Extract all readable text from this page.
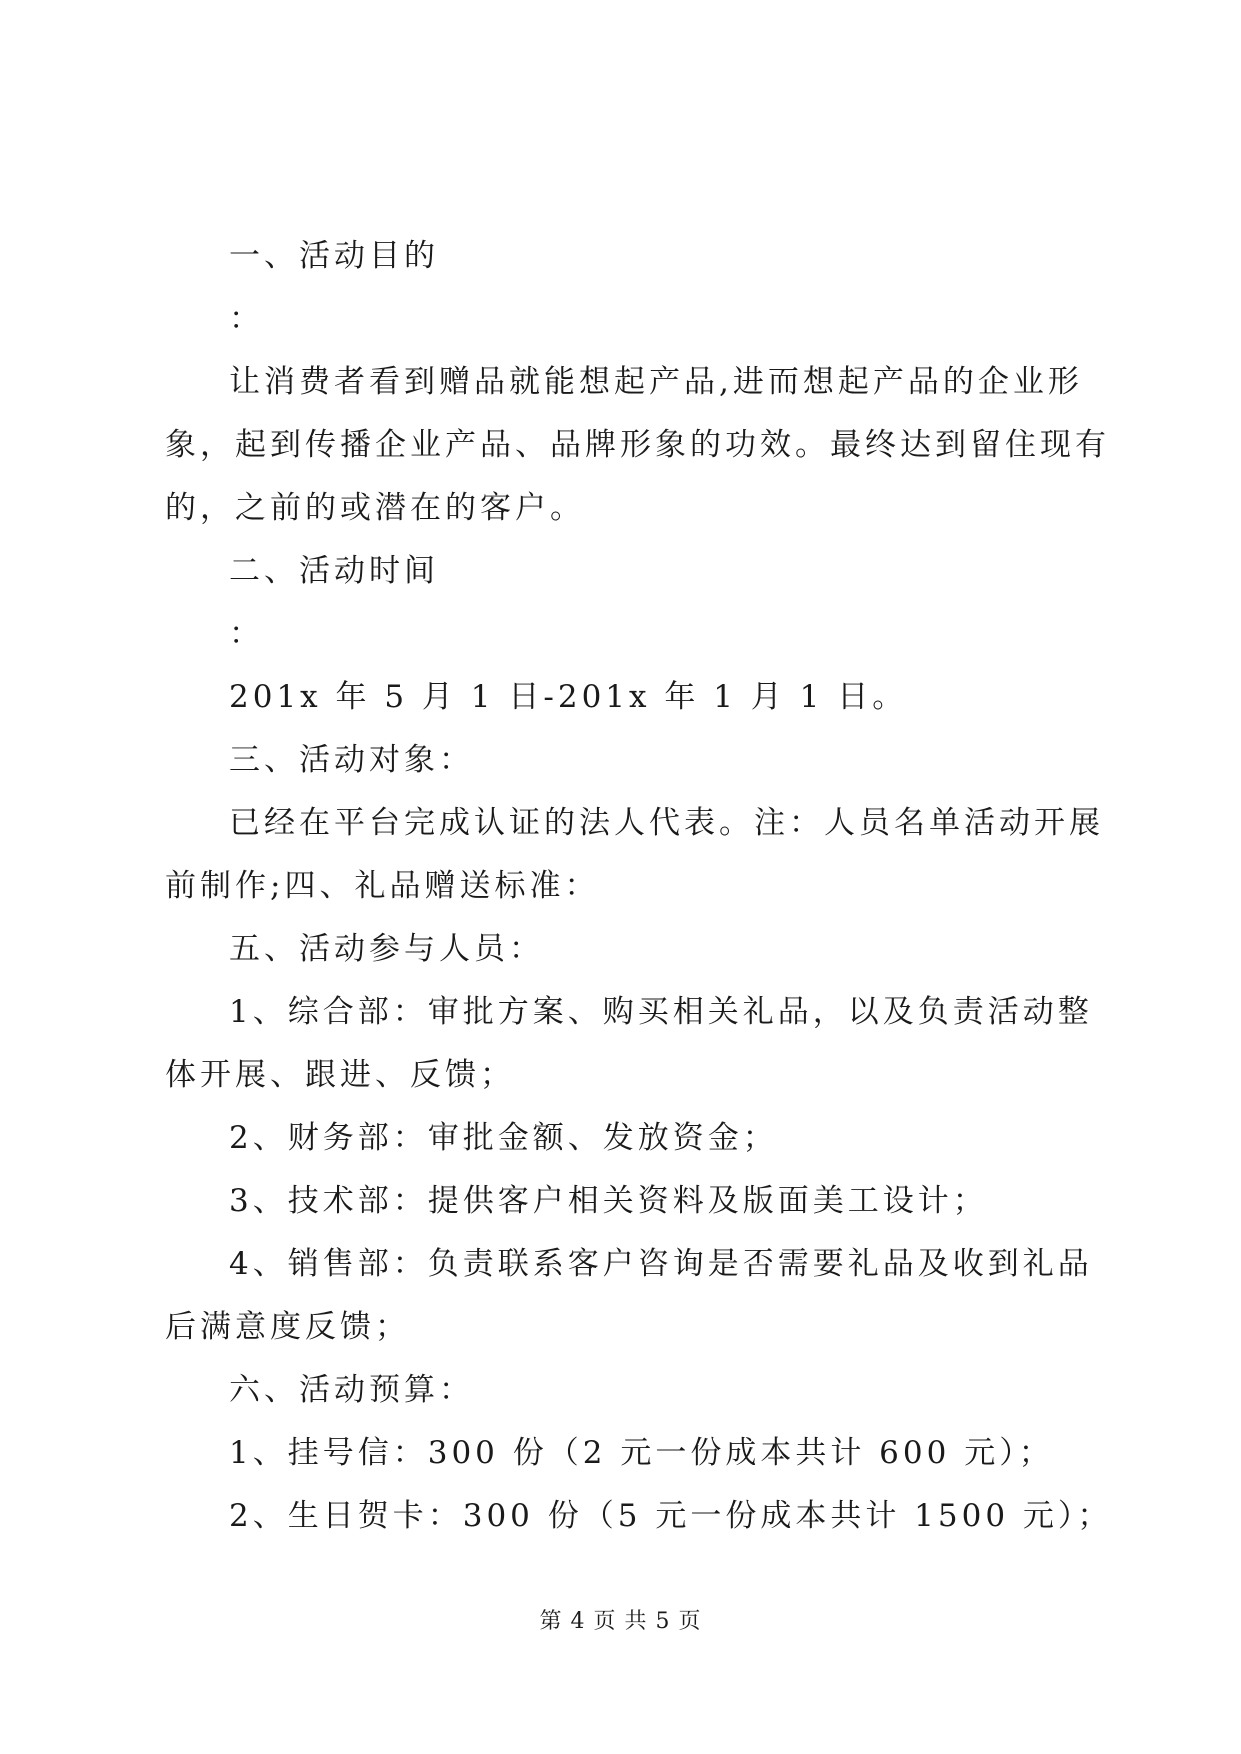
一、活动目的

：

让消费者看到赠品就能想起产品,进而想起产品的企业形象，起到传播企业产品、品牌形象的功效。最终达到留住现有的，之前的或潜在的客户。

二、活动时间

：

201x 年 5 月 1 日-201x 年 1 月 1 日。

三、活动对象：

已经在平台完成认证的法人代表。注：人员名单活动开展前制作;四、礼品赠送标准：

五、活动参与人员：

1、综合部：审批方案、购买相关礼品，以及负责活动整体开展、跟进、反馈；

2、财务部：审批金额、发放资金；

3、技术部：提供客户相关资料及版面美工设计；

4、销售部：负责联系客户咨询是否需要礼品及收到礼品后满意度反馈；

六、活动预算：

1、挂号信：300 份（2 元一份成本共计 600 元）；

2、生日贺卡：300 份（5 元一份成本共计 1500 元）；

第 4 页 共 5 页
